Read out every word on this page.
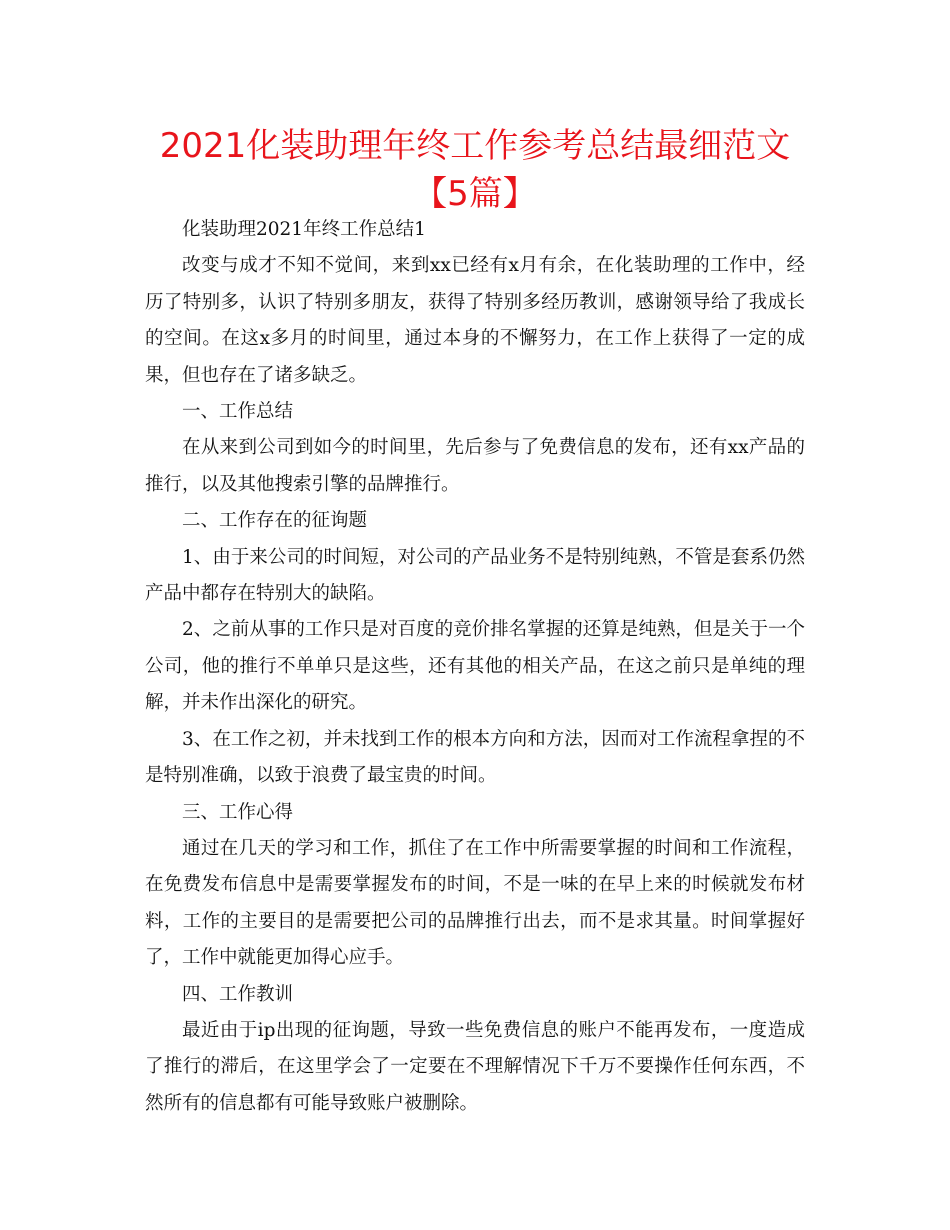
2021化装助理年终工作参考总结最细范文【5篇】

化装助理2021年终工作总结1

改变与成才不知不觉间，来到xx已经有x月有余，在化装助理的工作中，经历了特别多，认识了特别多朋友，获得了特别多经历教训，感谢领导给了我成长的空间。在这x多月的时间里，通过本身的不懈努力，在工作上获得了一定的成果，但也存在了诸多缺乏。

一、工作总结

在从来到公司到如今的时间里，先后参与了免费信息的发布，还有xx产品的推行，以及其他搜索引擎的品牌推行。

二、工作存在的征询题

1、由于来公司的时间短，对公司的产品业务不是特别纯熟，不管是套系仍然产品中都存在特别大的缺陷。

2、之前从事的工作只是对百度的竞价排名掌握的还算是纯熟，但是关于一个公司，他的推行不单单只是这些，还有其他的相关产品，在这之前只是单纯的理解，并未作出深化的研究。

3、在工作之初，并未找到工作的根本方向和方法，因而对工作流程拿捏的不是特别准确，以致于浪费了最宝贵的时间。

三、工作心得

通过在几天的学习和工作，抓住了在工作中所需要掌握的时间和工作流程，在免费发布信息中是需要掌握发布的时间，不是一味的在早上来的时候就发布材料，工作的主要目的是需要把公司的品牌推行出去，而不是求其量。时间掌握好了，工作中就能更加得心应手。

四、工作教训

最近由于ip出现的征询题，导致一些免费信息的账户不能再发布，一度造成了推行的滞后，在这里学会了一定要在不理解情况下千万不要操作任何东西，不然所有的信息都有可能导致账户被删除。
